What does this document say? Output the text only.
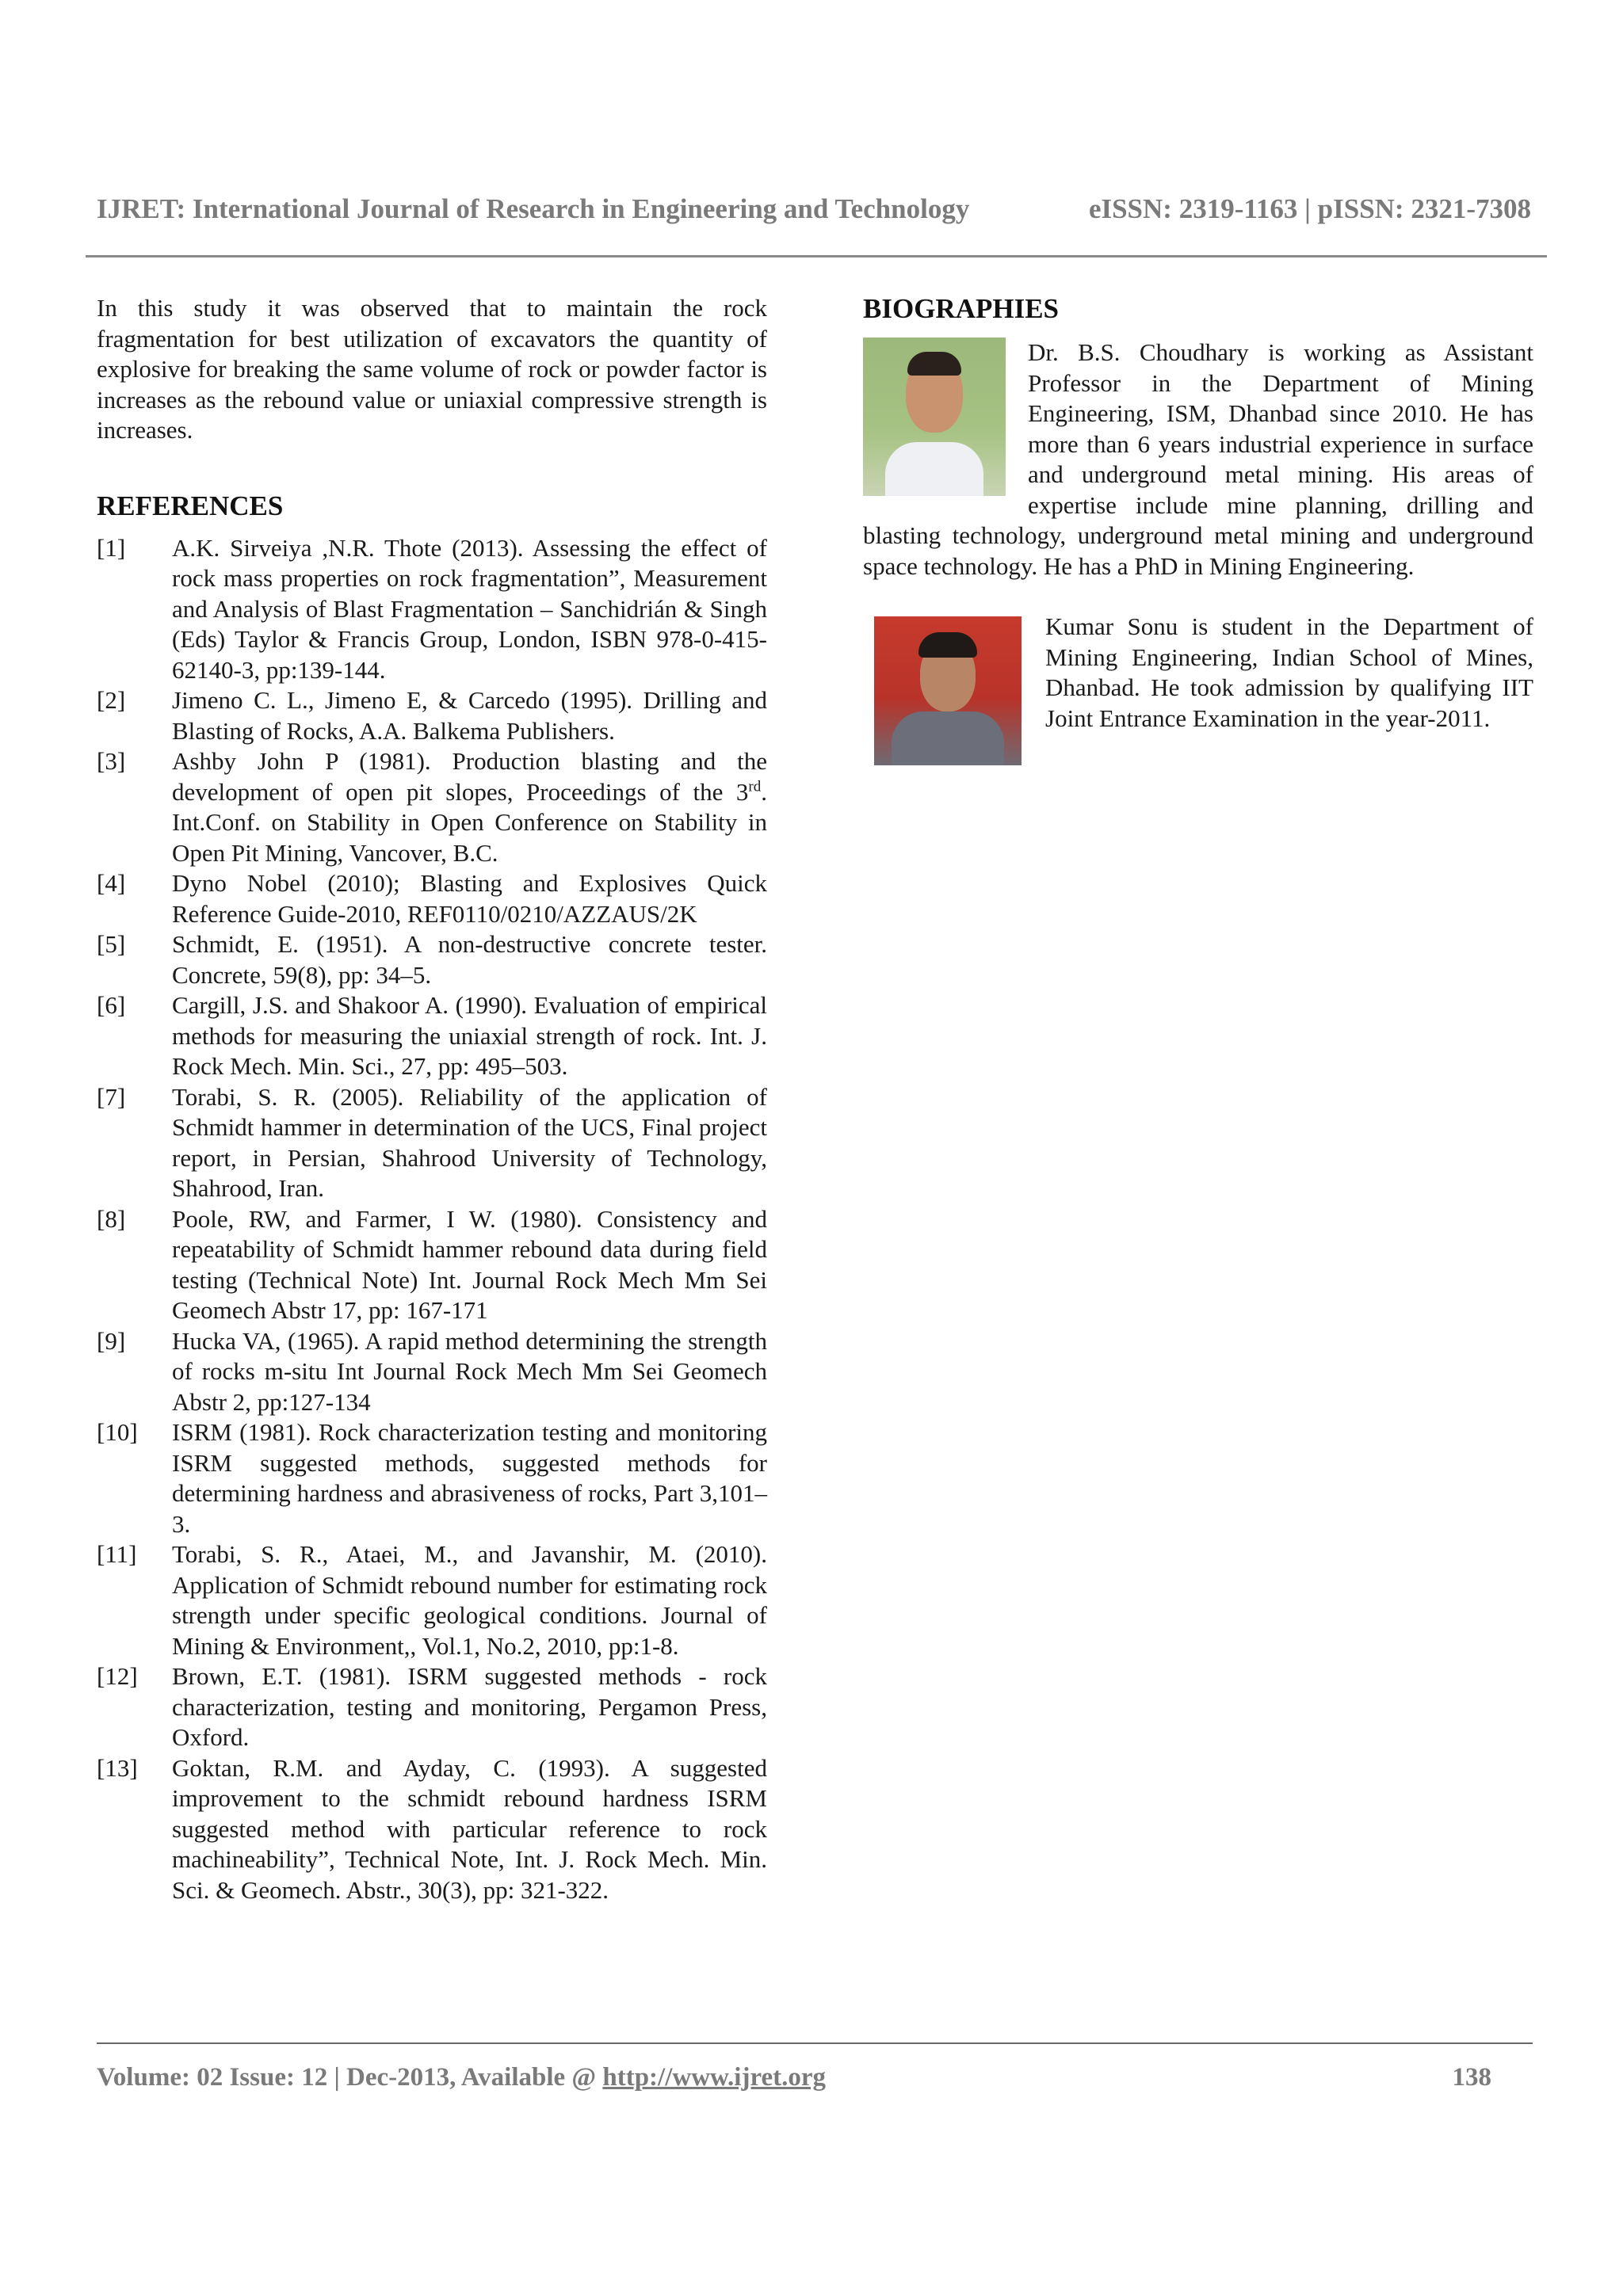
IJRET: International Journal of Research in Engineering and Technology	eISSN: 2319-1163 | pISSN: 2321-7308

In this study it was observed that to maintain the rock fragmentation for best utilization of excavators the quantity of explosive for breaking the same volume of rock or powder factor is increases as the rebound value or uniaxial compressive strength is increases.

REFERENCES
[1]	A.K. Sirveiya ,N.R. Thote (2013). Assessing the effect of rock mass properties on rock fragmentation”, Measurement and Analysis of Blast Fragmentation – Sanchidrián & Singh (Eds) Taylor & Francis Group, London, ISBN 978-0-415-62140-3, pp:139-144.
[2]	Jimeno C. L., Jimeno E, & Carcedo (1995). Drilling and Blasting of Rocks, A.A. Balkema Publishers.
[3]	Ashby John P (1981). Production blasting and the development of open pit slopes, Proceedings of the 3rd. Int.Conf. on Stability in Open Conference on Stability in Open Pit Mining, Vancover, B.C.
[4]	Dyno Nobel (2010); Blasting and Explosives Quick Reference Guide-2010, REF0110/0210/AZZAUS/2K
[5]	Schmidt, E. (1951). A non-destructive concrete tester. Concrete, 59(8), pp: 34–5.
[6]	Cargill, J.S. and Shakoor A. (1990). Evaluation of empirical methods for measuring the uniaxial strength of rock. Int. J. Rock Mech. Min. Sci., 27, pp: 495–503.
[7]	Torabi, S. R. (2005). Reliability of the application of Schmidt hammer in determination of the UCS, Final project report, in Persian, Shahrood University of Technology, Shahrood, Iran.
[8]	Poole, RW, and Farmer, I W. (1980). Consistency and repeatability of Schmidt hammer rebound data during field testing (Technical Note) Int. Journal Rock Mech Mm Sei Geomech Abstr 17, pp: 167-171
[9]	Hucka VA, (1965). A rapid method determining the strength of rocks m-situ Int Journal Rock Mech Mm Sei Geomech Abstr 2, pp:127-134
[10]	ISRM (1981). Rock characterization testing and monitoring ISRM suggested methods, suggested methods for determining hardness and abrasiveness of rocks, Part 3,101–3.
[11]	Torabi, S. R., Ataei, M., and Javanshir, M. (2010). Application of Schmidt rebound number for estimating rock strength under specific geological conditions. Journal of Mining & Environment,, Vol.1, No.2, 2010, pp:1-8.
[12]	Brown, E.T. (1981). ISRM suggested methods - rock characterization, testing and monitoring, Pergamon Press, Oxford.
[13]	Goktan, R.M. and Ayday, C. (1993). A suggested improvement to the schmidt rebound hardness ISRM suggested method with particular reference to rock machineability”, Technical Note, Int. J. Rock Mech. Min. Sci. & Geomech. Abstr., 30(3), pp: 321-322.
BIOGRAPHIES

Dr. B.S. Choudhary is working as Assistant Professor in the Department of Mining Engineering, ISM, Dhanbad since 2010. He has more than 6 years industrial experience in surface and underground metal mining. His areas of expertise include mine planning, drilling and blasting technology, underground metal mining and underground space technology. He has a PhD in Mining Engineering.

Kumar Sonu is student in the Department of Mining Engineering, Indian School of Mines, Dhanbad. He took admission by qualifying IIT Joint Entrance Examination in the year-2011.

Volume: 02 Issue: 12 | Dec-2013, Available @ http://www.ijret.org	138
